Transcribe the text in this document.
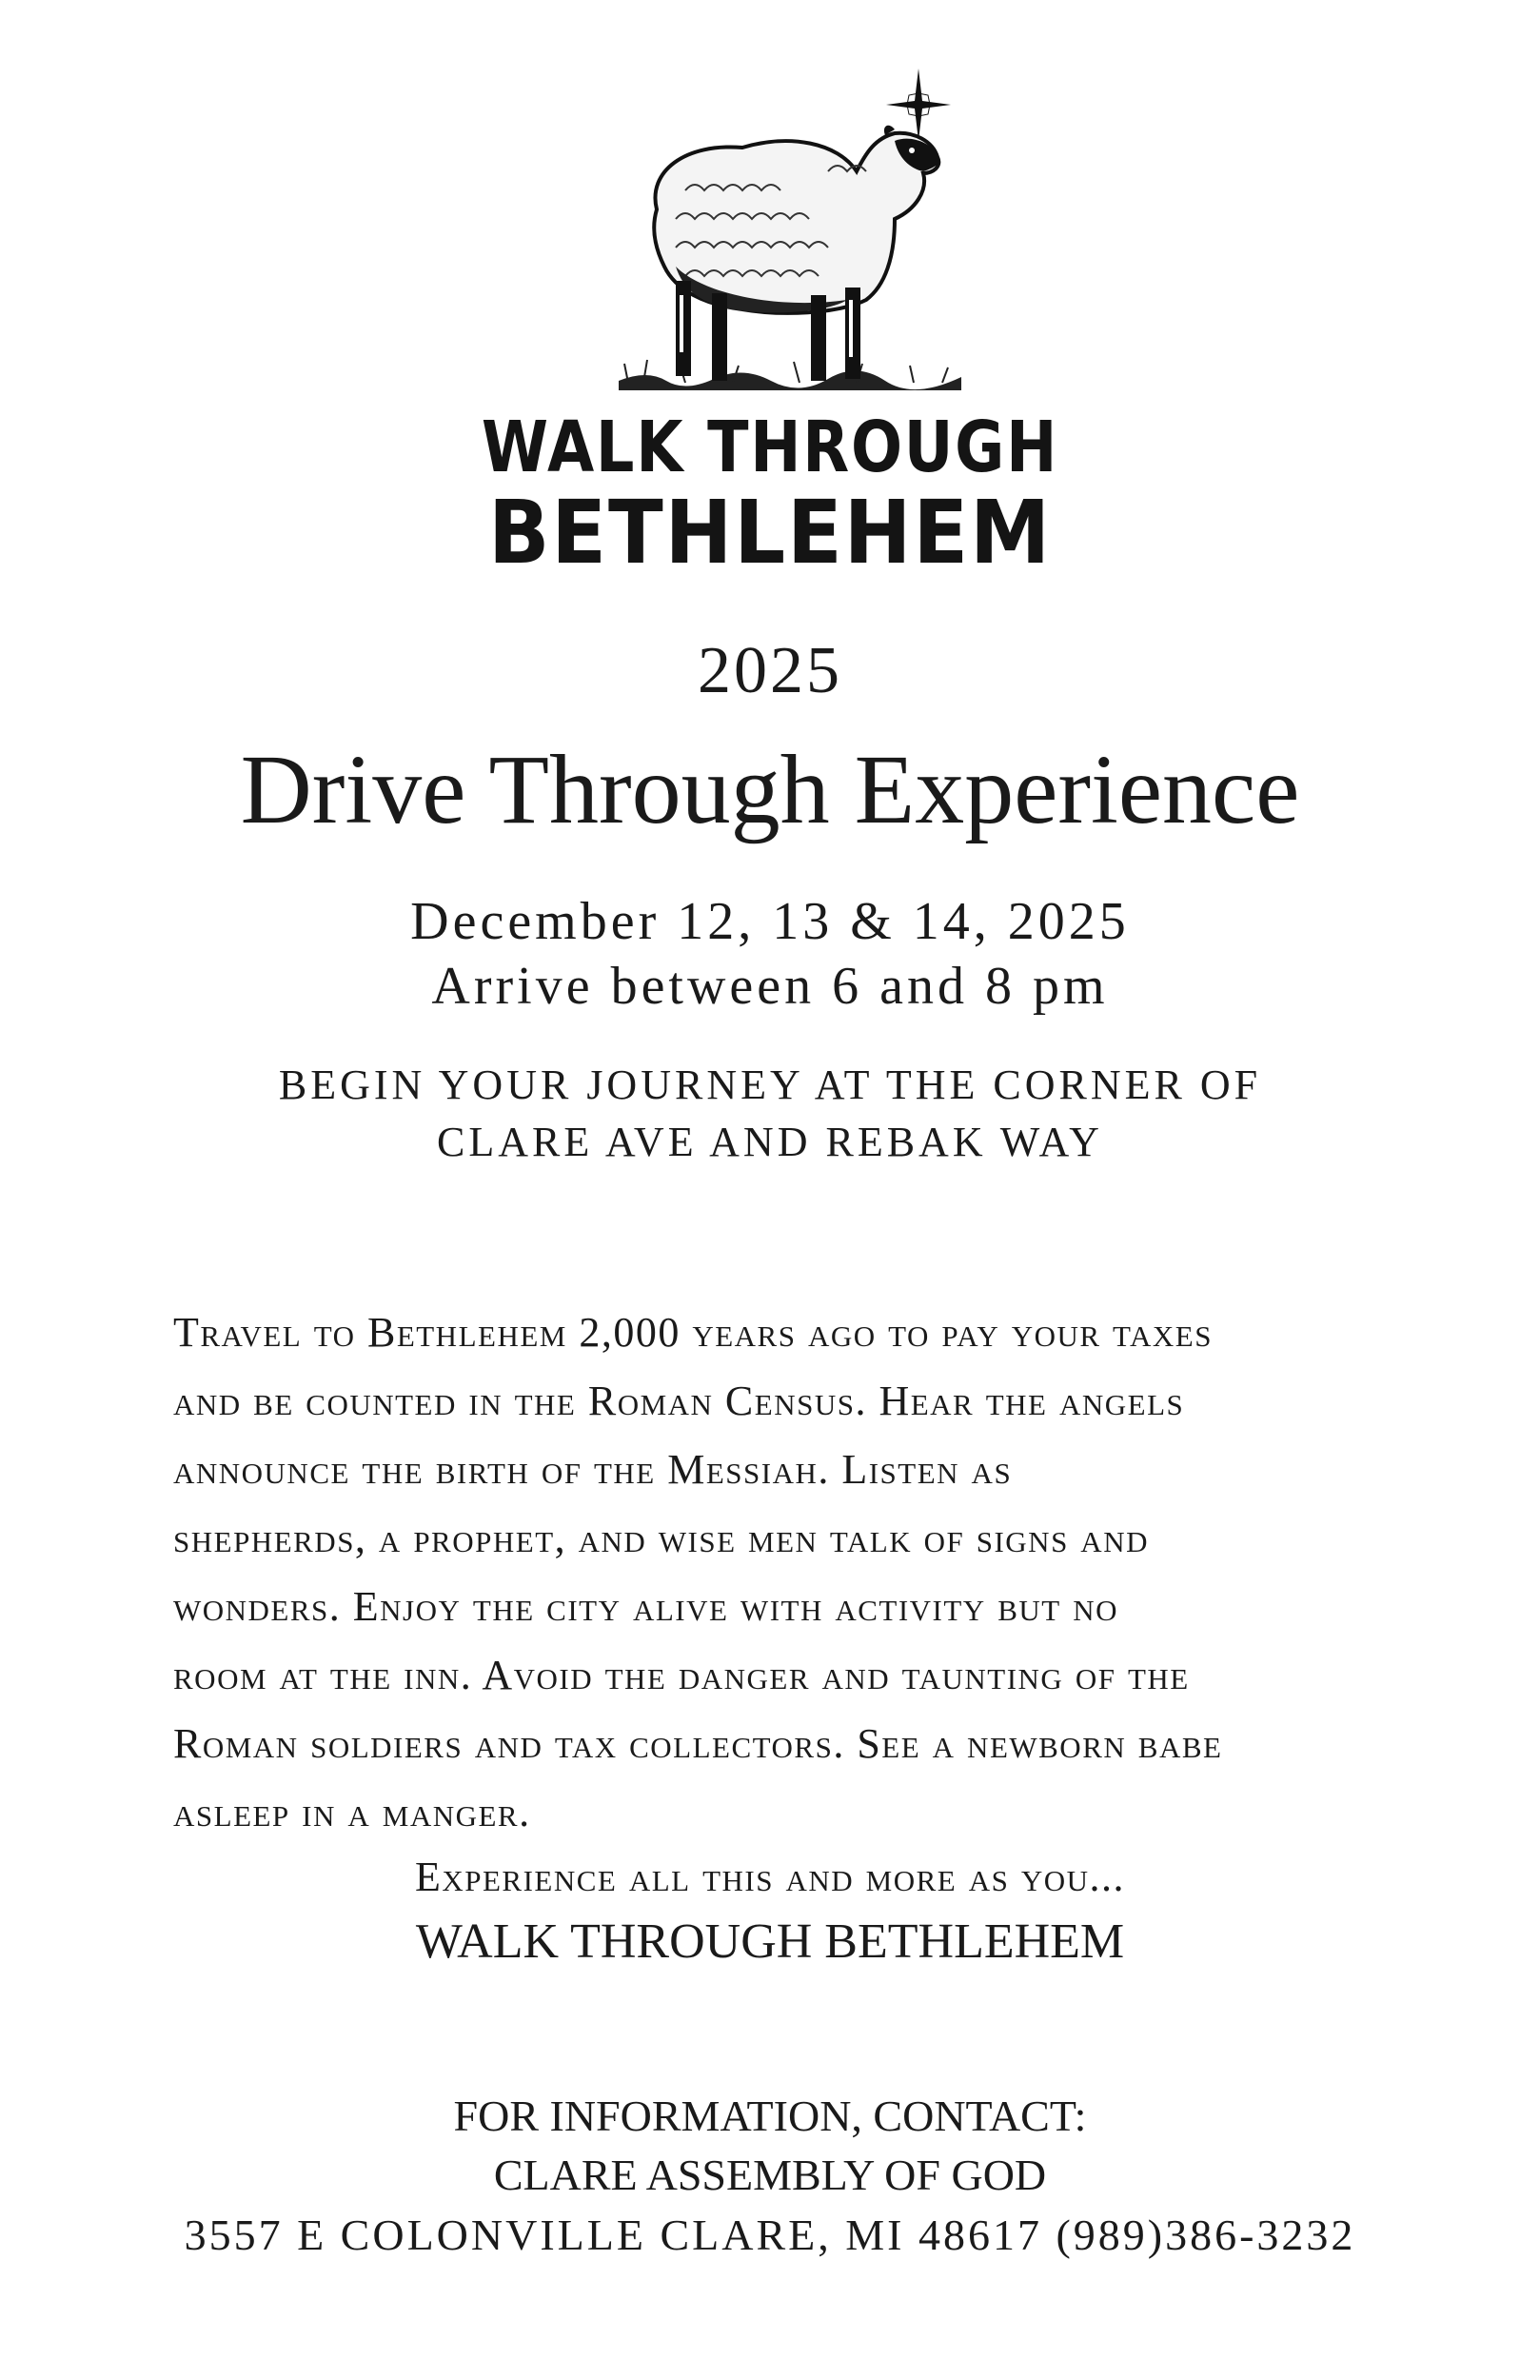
WALK THROUGH
BETHLEHEM
2025
Drive Through Experience
December 12, 13 & 14, 2025
Arrive between 6 and 8 pm
BEGIN YOUR JOURNEY AT THE CORNER OF
CLARE AVE AND REBAK WAY
Travel to Bethlehem 2,000 years ago to pay your taxes
and be counted in the Roman Census. Hear the angels
announce the birth of the Messiah. Listen as
shepherds, a prophet, and wise men talk of signs and
wonders. Enjoy the city alive with activity but no
room at the inn. Avoid the danger and taunting of the
Roman soldiers and tax collectors. See a newborn babe
asleep in a manger.
Experience all this and more as you...
WALK THROUGH BETHLEHEM
FOR INFORMATION, CONTACT:
CLARE ASSEMBLY OF GOD
3557 E COLONVILLE CLARE, MI 48617 (989)386-3232
